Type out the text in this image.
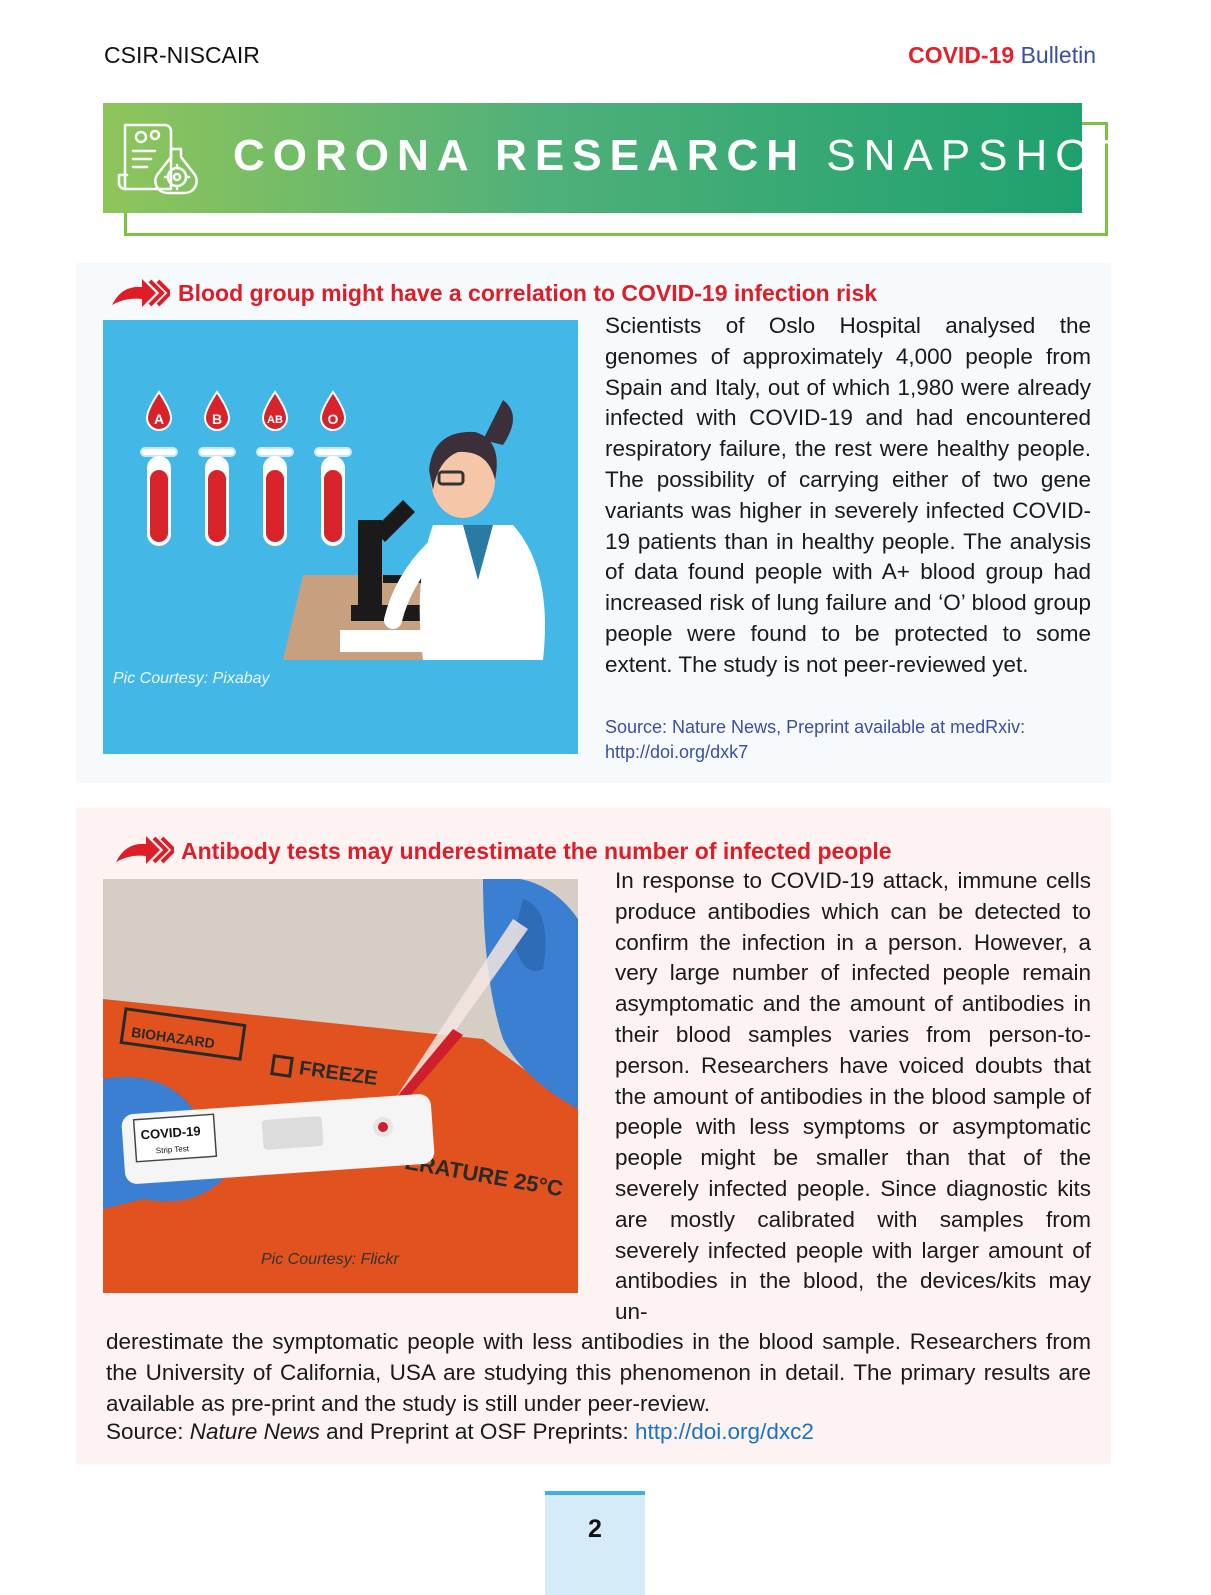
CSIR-NISCAIR	COVID-19 Bulletin
CORONA RESEARCH SNAPSHOT
Blood group might have a correlation to COVID-19 infection risk
A	B	AB	O
Pic Courtesy: Pixabay
Scientists of Oslo Hospital analysed the genomes of approximately 4,000 people from Spain and Italy, out of which 1,980 were already infected with COVID-19 and had encountered respiratory failure, the rest were healthy people. The possibility of carrying either of two gene variants was higher in severely infected COVID-19 patients than in healthy people. The analysis of data found people with A+ blood group had increased risk of lung failure and ‘O’ blood group people were found to be protected to some extent. The study is not peer-reviewed yet.
Source: Nature News, Preprint available at medRxiv: http://doi.org/dxk7
Antibody tests may underestimate the number of infected people
BIOHAZARD
FREEZE
ERATURE 25°C
COVID-19
Strip Test
Pic Courtesy: Flickr
In response to COVID-19 attack, immune cells produce antibodies which can be detected to confirm the infection in a person. However, a very large number of infected people remain asymptomatic and the amount of antibodies in their blood samples varies from person-to-person. Researchers have voiced doubts that the amount of antibodies in the blood sample of people with less symptoms or asymptomatic people might be smaller than that of the severely infected people. Since diagnostic kits are mostly calibrated with samples from severely infected people with larger amount of antibodies in the blood, the devices/kits may un-
derestimate the symptomatic people with less antibodies in the blood sample. Researchers from the University of California, USA are studying this phenomenon in detail. The primary results are available as pre-print and the study is still under peer-review.
Source: Nature News and Preprint at OSF Preprints: http://doi.org/dxc2
2
